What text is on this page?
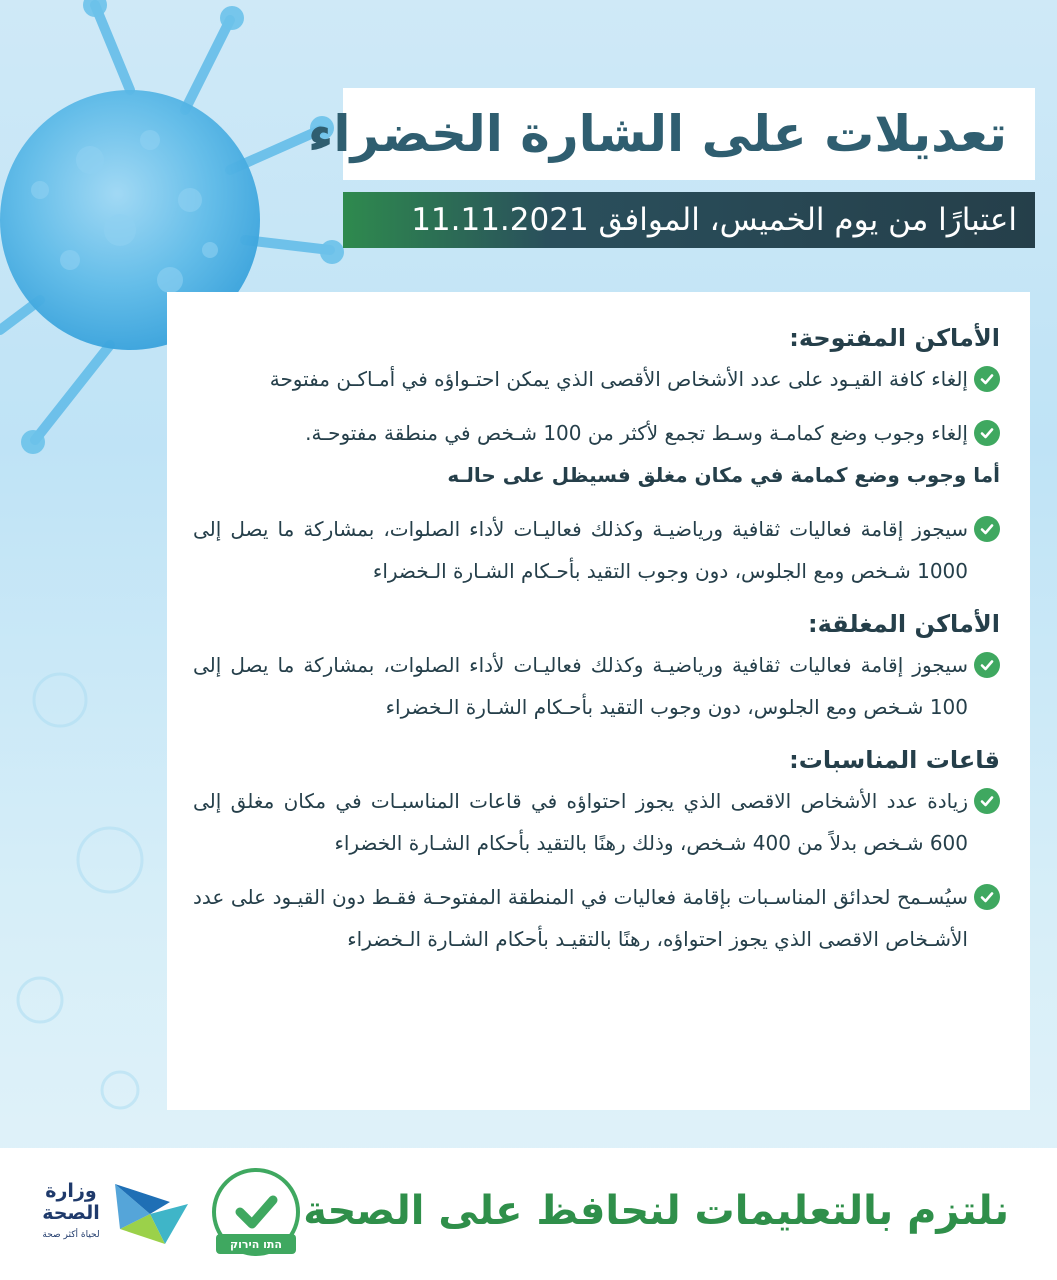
تعديلات على الشارة الخضراء
اعتبارًا من يوم الخميس، الموافق 11.11.2021
الأماكن المفتوحة:

إلغاء كافة القيـود على عدد الأشخاص الأقصى الذي يمكن احتـواؤه في أمـاكـن مفتوحة

إلغاء وجوب وضع كمامـة وسـط تجمع لأكثر من 100 شـخص في منطقة مفتوحـة.

أما وجوب وضع كمامة في مكان مغلق فسيظل على حالـه

سيجوز إقامة فعاليات ثقافية ورياضيـة وكذلك فعاليـات لأداء الصلوات، بمشاركة ما يصل إلى 1000 شـخص ومع الجلوس، دون وجوب التقيد بأحـكام الشـارة الـخضراء

الأماكن المغلقة:

سيجوز إقامة فعاليات ثقافية ورياضيـة وكذلك فعاليـات لأداء الصلوات، بمشاركة ما يصل إلى 100 شـخص ومع الجلوس، دون وجوب التقيد بأحـكام الشـارة الـخضراء

قاعات المناسبات:

زيادة عدد الأشخاص الاقصى الذي يجوز احتواؤه في قاعات المناسبـات في مكان مغلق إلى 600 شـخص بدلاً من 400 شـخص، وذلك رهنًا بالتقيد بأحكام الشـارة الخضراء

سيُسـمح لحدائق المناسـبات بإقامة فعاليات في المنطقة المفتوحـة فقـط دون القيـود على عدد الأشـخاص الاقصى الذي يجوز احتواؤه، رهنًا بالتقيـد بأحكام الشـارة الـخضراء

نلتزم بالتعليمات لنحافظ على الصحة
התו הירוק
وزارة الصحة
لحياة أكثر صحة
